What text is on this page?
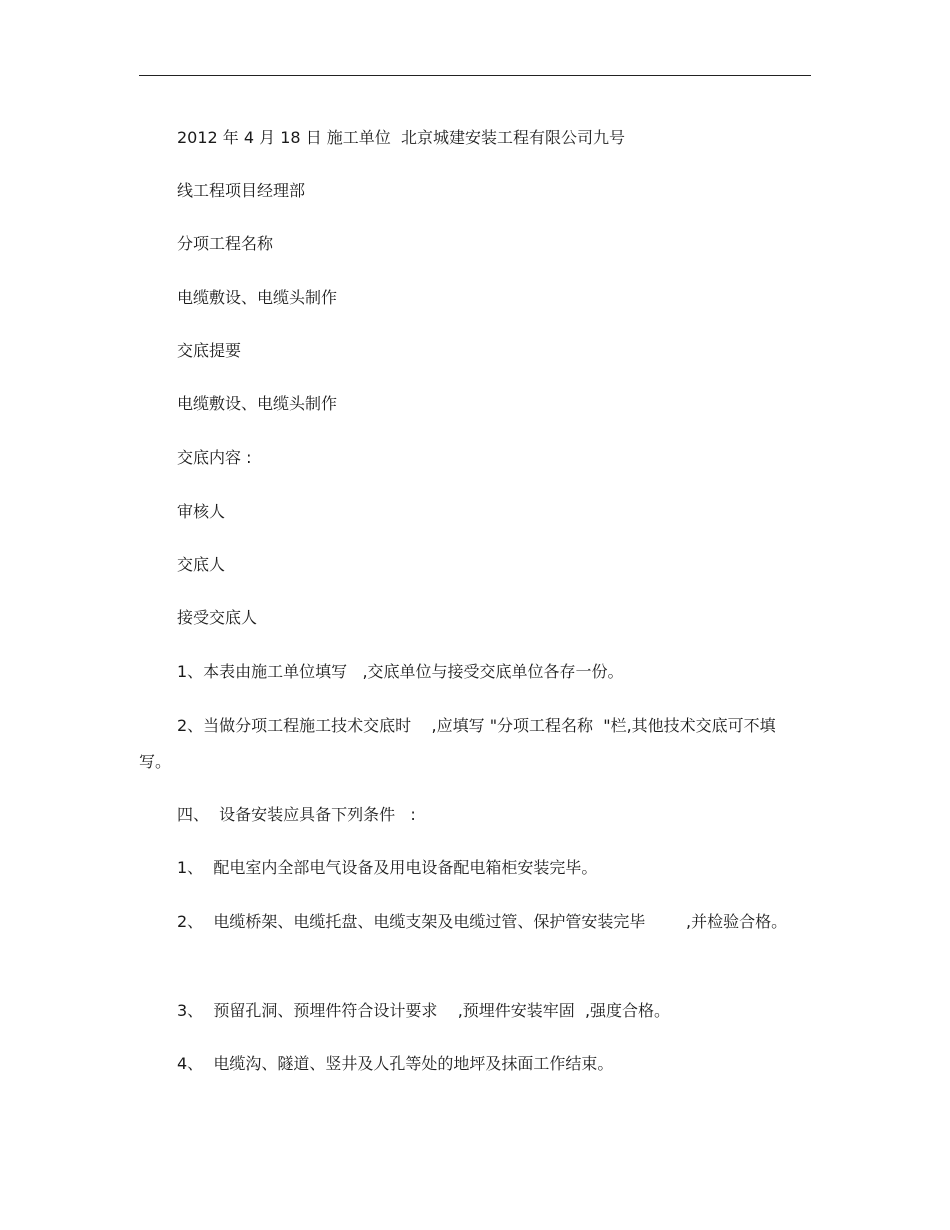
2012 年 4 月 18 日 施工单位  北京城建安装工程有限公司九号
线工程项目经理部
分项工程名称
电缆敷设、电缆头制作
交底提要
电缆敷设、电缆头制作
交底内容 :
审核人
交底人
接受交底人
1、本表由施工单位填写   ,交底单位与接受交底单位各存一份。
2、当做分项工程施工技术交底时    ,应填写 "分项工程名称  "栏,其他技术交底可不填写。
四、  设备安装应具备下列条件   :
1、  配电室内全部电气设备及用电设备配电箱柜安装完毕。
2、  电缆桥架、电缆托盘、电缆支架及电缆过管、保护管安装完毕        ,并检验合格。
3、  预留孔洞、预埋件符合设计要求    ,预埋件安装牢固  ,强度合格。
4、  电缆沟、隧道、竖井及人孔等处的地坪及抹面工作结束。
